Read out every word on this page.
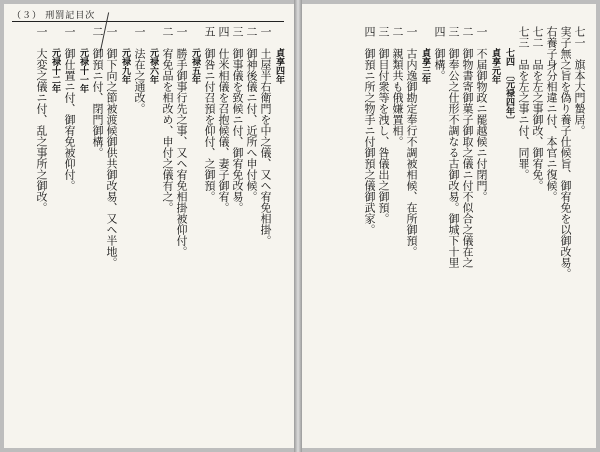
（３） 刑罰記目次
貞享四年
一　土屋半右衛門を中之儀、又ヘ宥免相掛。
二　御神後儀ニ付、近所へ申付候。
三　御事儀を致候ニ付、御宥免改易。
四　仕米相儀を召抱候儀、妻子御宥。
五　御咎ニ付召預を仰付、之御預。
元禄五年
一　勝手御事行先之事、又ヘ宥免相掛被仰付。
二　宥免品を相改め、申付之儀有之。
元禄六年
一　法在之通改。
元禄九年
一　御下向之節被渡候御供共御改易、又ヘ半地。
二　御預ニ付、閉門御構。
元禄十一年
一　御仕置ニ付、御宥免被仰付。
元禄十二年
一　大変之儀ニ付、乱之事所之御改。	七一　旗本大門蟄居。
実子無之旨を偽り養子仕候旨、御宥免を以御改易。
右養子身分相違ニ付、本官ニ復候。
七二　品を左之事御改、御宥免。
七三　品を左之事ニ付、同罪。
七四　〔元禄四年〕
貞享元年
一　不届御物政ニ罷越候ニ付閉門。
二　御物書寄御菓子御取之儀ニ付不似合之儀在之
三　御奉公之仕形不調なる古御改易。御城下十里
四　御構。
貞享三年
一　古内逸御勘定奉行不調被相候、在所御預。
二　親類共も俄嫌置相。
三　御目付衆等を洩し、咎儀出之御預。
四　御預ニ所之物手ニ付御預之儀御武家。
